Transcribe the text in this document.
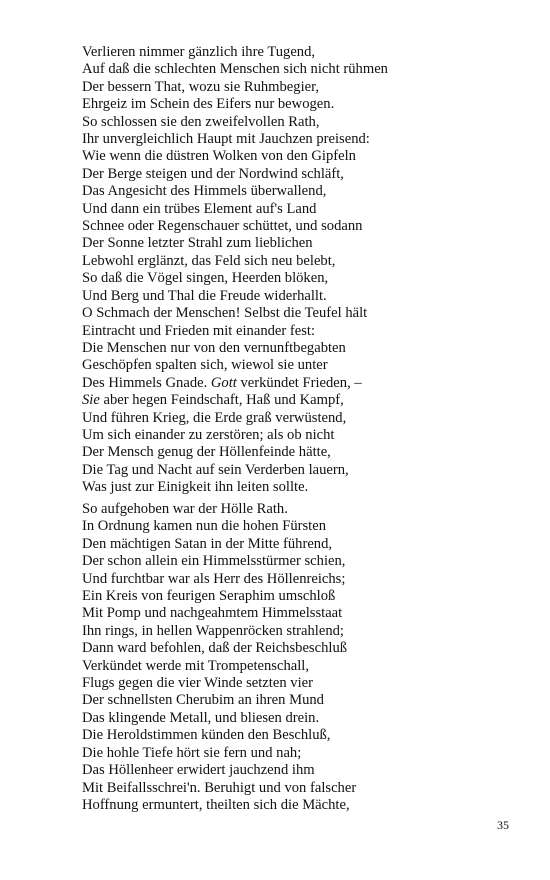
Verlieren nimmer gänzlich ihre Tugend,
Auf daß die schlechten Menschen sich nicht rühmen
Der bessern That, wozu sie Ruhmbegier,
Ehrgeiz im Schein des Eifers nur bewogen.
So schlossen sie den zweifelvollen Rath,
Ihr unvergleichlich Haupt mit Jauchzen preisend:
Wie wenn die düstren Wolken von den Gipfeln
Der Berge steigen und der Nordwind schläft,
Das Angesicht des Himmels überwallend,
Und dann ein trübes Element auf's Land
Schnee oder Regenschauer schüttet, und sodann
Der Sonne letzter Strahl zum lieblichen
Lebwohl erglänzt, das Feld sich neu belebt,
So daß die Vögel singen, Heerden blöken,
Und Berg und Thal die Freude widerhallt.
O Schmach der Menschen! Selbst die Teufel hält
Eintracht und Frieden mit einander fest:
Die Menschen nur von den vernunftbegabten
Geschöpfen spalten sich, wiewol sie unter
Des Himmels Gnade. Gott verkündet Frieden, –
Sie aber hegen Feindschaft, Haß und Kampf,
Und führen Krieg, die Erde graß verwüstend,
Um sich einander zu zerstören; als ob nicht
Der Mensch genug der Höllenfeinde hätte,
Die Tag und Nacht auf sein Verderben lauern,
Was just zur Einigkeit ihn leiten sollte.
So aufgehoben war der Hölle Rath.
In Ordnung kamen nun die hohen Fürsten
Den mächtigen Satan in der Mitte führend,
Der schon allein ein Himmelsstürmer schien,
Und furchtbar war als Herr des Höllenreichs;
Ein Kreis von feurigen Seraphim umschloß
Mit Pomp und nachgeahmtem Himmelsstaat
Ihn rings, in hellen Wappenröcken strahlend;
Dann ward befohlen, daß der Reichsbeschluß
Verkündet werde mit Trompetenschall,
Flugs gegen die vier Winde setzten vier
Der schnellsten Cherubim an ihren Mund
Das klingende Metall, und bliesen drein.
Die Heroldstimmen künden den Beschluß,
Die hohle Tiefe hört sie fern und nah;
Das Höllenheer erwidert jauchzend ihm
Mit Beifallsschrei'n. Beruhigt und von falscher
Hoffnung ermuntert, theilten sich die Mächte,
35
